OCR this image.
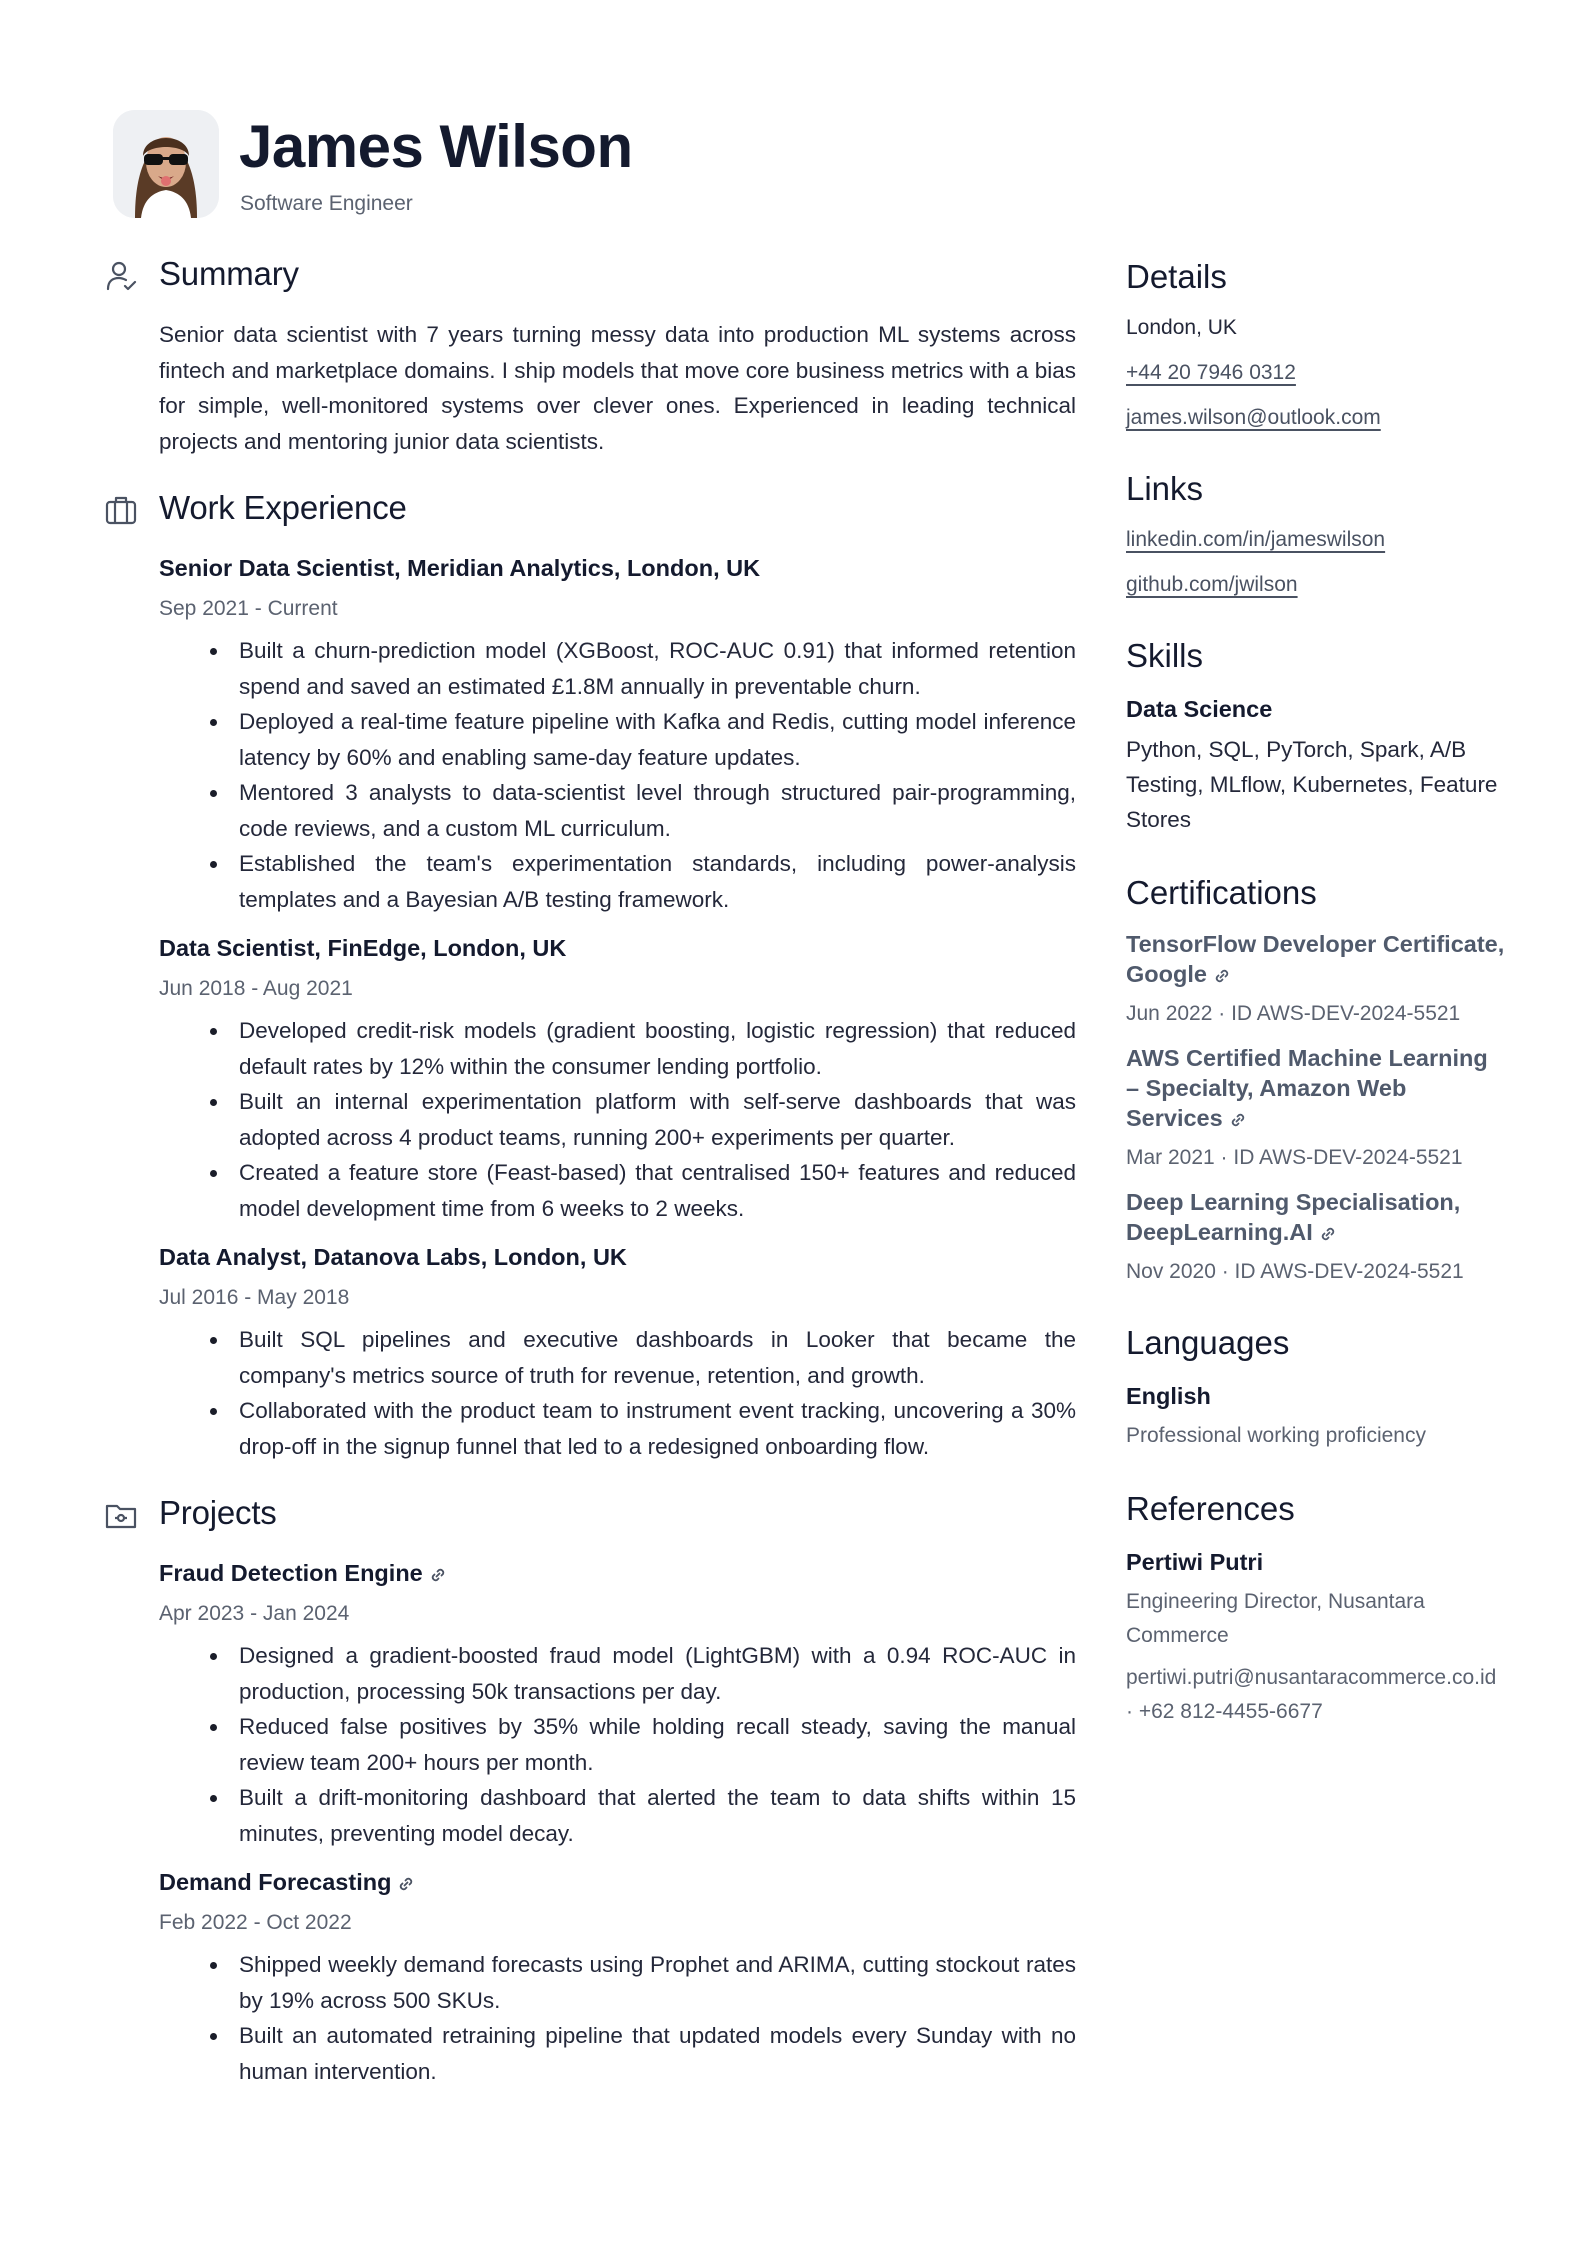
James Wilson
Software Engineer
Summary

Senior data scientist with 7 years turning messy data into production ML systems across fintech and marketplace domains. I ship models that move core business metrics with a bias for simple, well-monitored systems over clever ones. Experienced in leading technical projects and mentoring junior data scientists.

Work Experience
Senior Data Scientist, Meridian Analytics, London, UK
Sep 2021 - Current
Built a churn-prediction model (XGBoost, ROC-AUC 0.91) that informed retention spend and saved an estimated £1.8M annually in preventable churn.
Deployed a real-time feature pipeline with Kafka and Redis, cutting model inference latency by 60% and enabling same-day feature updates.
Mentored 3 analysts to data-scientist level through structured pair-programming, code reviews, and a custom ML curriculum.
Established the team's experimentation standards, including power-analysis templates and a Bayesian A/B testing framework.
Data Scientist, FinEdge, London, UK
Jun 2018 - Aug 2021
Developed credit-risk models (gradient boosting, logistic regression) that reduced default rates by 12% within the consumer lending portfolio.
Built an internal experimentation platform with self-serve dashboards that was adopted across 4 product teams, running 200+ experiments per quarter.
Created a feature store (Feast-based) that centralised 150+ features and reduced model development time from 6 weeks to 2 weeks.
Data Analyst, Datanova Labs, London, UK
Jul 2016 - May 2018
Built SQL pipelines and executive dashboards in Looker that became the company's metrics source of truth for revenue, retention, and growth.
Collaborated with the product team to instrument event tracking, uncovering a 30% drop-off in the signup funnel that led to a redesigned onboarding flow.
Projects
Fraud Detection Engine
Apr 2023 - Jan 2024
Designed a gradient-boosted fraud model (LightGBM) with a 0.94 ROC-AUC in production, processing 50k transactions per day.
Reduced false positives by 35% while holding recall steady, saving the manual review team 200+ hours per month.
Built a drift-monitoring dashboard that alerted the team to data shifts within 15 minutes, preventing model decay.
Demand Forecasting
Feb 2022 - Oct 2022
Shipped weekly demand forecasts using Prophet and ARIMA, cutting stockout rates by 19% across 500 SKUs.
Built an automated retraining pipeline that updated models every Sunday with no human intervention.
Details
London, UK
+44 20 7946 0312
james.wilson@outlook.com
Links
linkedin.com/in/jameswilson
github.com/jwilson
Skills
Data Science
Python, SQL, PyTorch, Spark, A/B Testing, MLflow, Kubernetes, Feature Stores
Certifications
TensorFlow Developer Certificate, Google
Jun 2022 · ID AWS-DEV-2024-5521
AWS Certified Machine Learning – Specialty, Amazon Web Services
Mar 2021 · ID AWS-DEV-2024-5521
Deep Learning Specialisation, DeepLearning.AI
Nov 2020 · ID AWS-DEV-2024-5521
Languages
English
Professional working proficiency
References
Pertiwi Putri
Engineering Director, Nusantara Commerce
pertiwi.putri@nusantaracommerce.co.id · +62 812-4455-6677
